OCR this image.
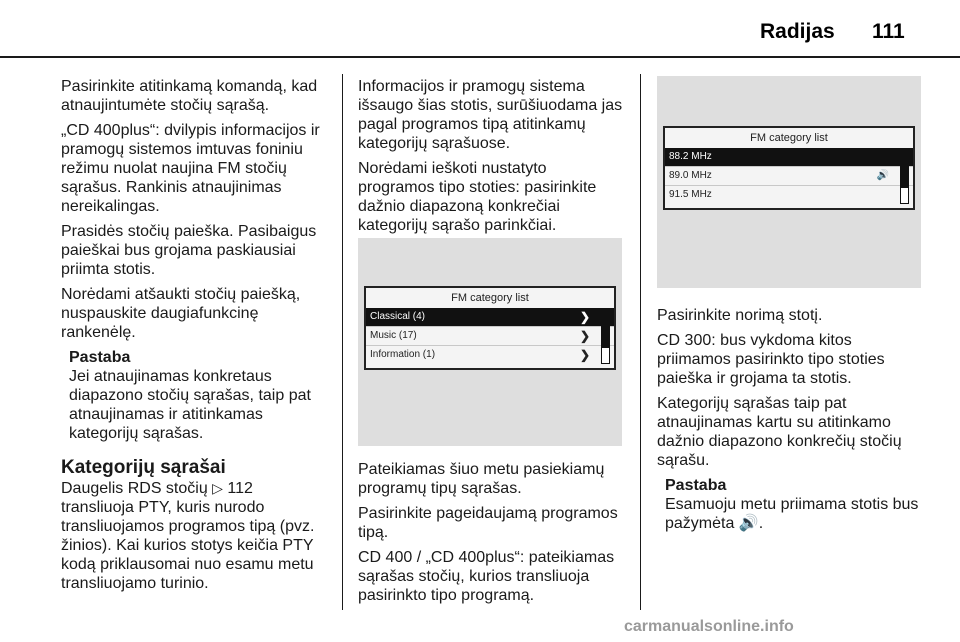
Radijas 111

Pasirinkite atitinkamą komandą, kad
atnaujintumėte stočių sąrašą.

„CD 400plus“: dvilypis informacijos ir
pramogų sistemos imtuvas foniniu
režimu nuolat naujina FM stočių
sąrašus. Rankinis atnaujinimas
nereikalingas.

Prasidės stočių paieška. Pasibaigus
paieškai bus grojama paskiausiai
priimta stotis.

Norėdami atšaukti stočių paiešką,
nuspauskite daugiafunkcinę
rankenėlę.

Pastaba
Jei atnaujinamas konkretaus
diapazono stočių sąrašas, taip pat
atnaujinamas ir atitinkamas
kategorijų sąrašas.
Kategorijų sąrašai

Daugelis RDS stočių ▷ 112

transliuoja PTY, kuris nurodo
transliuojamos programos tipą (pvz.
žinios). Kai kurios stotys keičia PTY
kodą priklausomai nuo esamu metu
transliuojamo turinio.

Informacijos ir pramogų sistema
išsaugo šias stotis, surūšiuodama jas
pagal programos tipą atitinkamų
kategorijų sąrašuose.

Norėdami ieškoti nustatyto
programos tipo stoties: pasirinkite
dažnio diapazoną konkrečiai
kategorijų sąrašo parinkčiai.

FM category list
Classical (4)	❯
Music (17)	❯
Information (1)	❯

Pateikiamas šiuo metu pasiekiamų
programų tipų sąrašas.

Pasirinkite pageidaujamą programos
tipą.

CD 400 / „CD 400plus“: pateikiamas
sąrašas stočių, kurios transliuoja
pasirinkto tipo programą.

FM category list
88.2 MHz
89.0 MHz	🔊
91.5 MHz

Pasirinkite norimą stotį.

CD 300: bus vykdoma kitos
priimamos pasirinkto tipo stoties
paieška ir grojama ta stotis.

Kategorijų sąrašas taip pat
atnaujinamas kartu su atitinkamo
dažnio diapazono konkrečių stočių
sąrašu.

Pastaba
Esamuoju metu priimama stotis bus
pažymėta 🔊.
carmanualsonline.info
